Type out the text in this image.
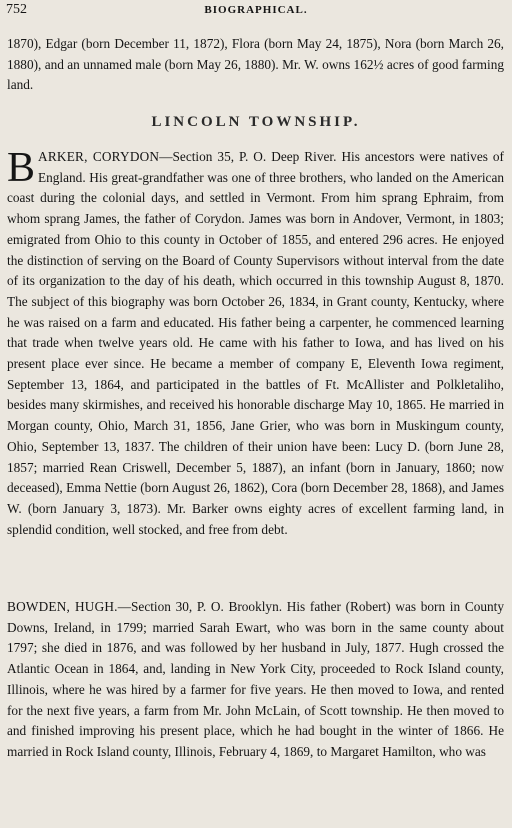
752	BIOGRAPHICAL.

1870), Edgar (born December 11, 1872), Flora (born May 24, 1875), Nora (born March 26, 1880), and an unnamed male (born May 26, 1880). Mr. W. owns 162½ acres of good farming land.

LINCOLN TOWNSHIP.

BARKER, CORYDON—Section 35, P. O. Deep River. His ancestors were natives of England. His great-grandfather was one of three brothers, who landed on the American coast during the colonial days, and settled in Vermont. From him sprang Ephraim, from whom sprang James, the father of Corydon. James was born in Andover, Vermont, in 1803; emigrated from Ohio to this county in October of 1855, and entered 296 acres. He enjoyed the distinction of serving on the Board of County Supervisors without interval from the date of its organization to the day of his death, which occurred in this township August 8, 1870. The subject of this biography was born October 26, 1834, in Grant county, Kentucky, where he was raised on a farm and educated. His father being a carpenter, he commenced learning that trade when twelve years old. He came with his father to Iowa, and has lived on his present place ever since. He became a member of company E, Eleventh Iowa regiment, September 13, 1864, and participated in the battles of Ft. McAllister and Polkletaliho, besides many skirmishes, and received his honorable discharge May 10, 1865. He married in Morgan county, Ohio, March 31, 1856, Jane Grier, who was born in Muskingum county, Ohio, September 13, 1837. The children of their union have been: Lucy D. (born June 28, 1857; married Rean Criswell, December 5, 1887), an infant (born in January, 1860; now deceased), Emma Nettie (born August 26, 1862), Cora (born December 28, 1868), and James W. (born January 3, 1873). Mr. Barker owns eighty acres of excellent farming land, in splendid condition, well stocked, and free from debt.

BOWDEN, HUGH.—Section 30, P. O. Brooklyn. His father (Robert) was born in County Downs, Ireland, in 1799; married Sarah Ewart, who was born in the same county about 1797; she died in 1876, and was followed by her husband in July, 1877. Hugh crossed the Atlantic Ocean in 1864, and, landing in New York City, proceeded to Rock Island county, Illinois, where he was hired by a farmer for five years. He then moved to Iowa, and rented for the next five years, a farm from Mr. John McLain, of Scott township. He then moved to and finished improving his present place, which he had bought in the winter of 1866. He married in Rock Island county, Illinois, February 4, 1869, to Margaret Hamilton, who was
